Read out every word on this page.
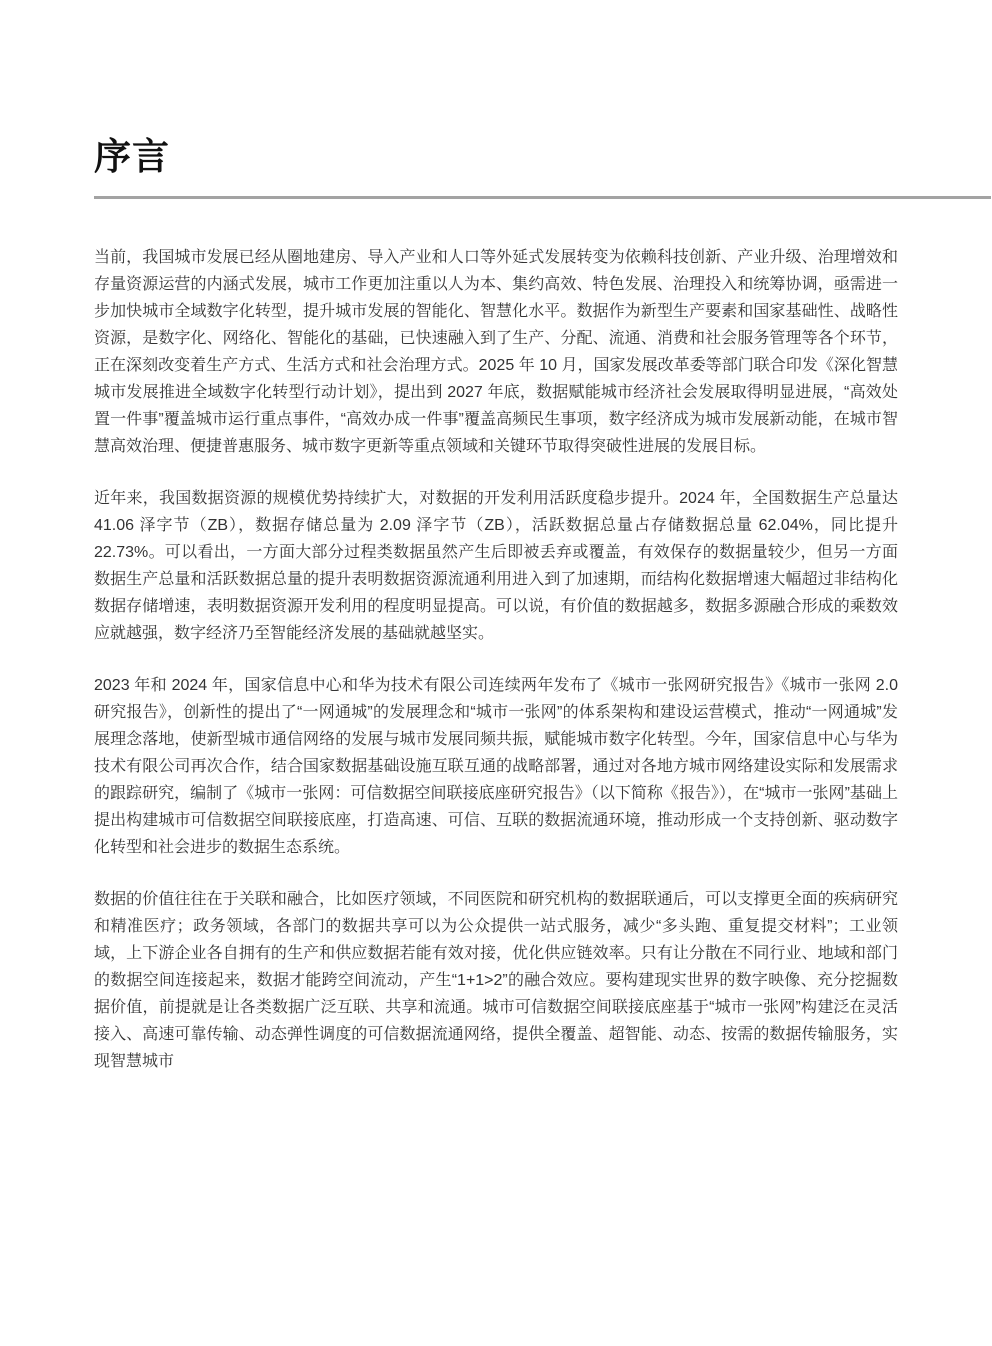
序言

当前，我国城市发展已经从圈地建房、导入产业和人口等外延式发展转变为依赖科技创新、产业升级、治理增效和存量资源运营的内涵式发展，城市工作更加注重以人为本、集约高效、特色发展、治理投入和统筹协调，亟需进一步加快城市全域数字化转型，提升城市发展的智能化、智慧化水平。数据作为新型生产要素和国家基础性、战略性资源，是数字化、网络化、智能化的基础，已快速融入到了生产、分配、流通、消费和社会服务管理等各个环节，正在深刻改变着生产方式、生活方式和社会治理方式。2025 年 10 月，国家发展改革委等部门联合印发《深化智慧城市发展推进全域数字化转型行动计划》，提出到 2027 年底，数据赋能城市经济社会发展取得明显进展，“高效处置一件事”覆盖城市运行重点事件，“高效办成一件事”覆盖高频民生事项，数字经济成为城市发展新动能，在城市智慧高效治理、便捷普惠服务、城市数字更新等重点领域和关键环节取得突破性进展的发展目标。

近年来，我国数据资源的规模优势持续扩大，对数据的开发利用活跃度稳步提升。2024 年，全国数据生产总量达 41.06 泽字节（ZB），数据存储总量为 2.09 泽字节（ZB），活跃数据总量占存储数据总量 62.04%，同比提升 22.73%。可以看出，一方面大部分过程类数据虽然产生后即被丢弃或覆盖，有效保存的数据量较少，但另一方面数据生产总量和活跃数据总量的提升表明数据资源流通利用进入到了加速期，而结构化数据增速大幅超过非结构化数据存储增速，表明数据资源开发利用的程度明显提高。可以说，有价值的数据越多，数据多源融合形成的乘数效应就越强，数字经济乃至智能经济发展的基础就越坚实。

2023 年和 2024 年，国家信息中心和华为技术有限公司连续两年发布了《城市一张网研究报告》《城市一张网 2.0 研究报告》，创新性的提出了“一网通城”的发展理念和“城市一张网”的体系架构和建设运营模式，推动“一网通城”发展理念落地，使新型城市通信网络的发展与城市发展同频共振，赋能城市数字化转型。今年，国家信息中心与华为技术有限公司再次合作，结合国家数据基础设施互联互通的战略部署，通过对各地方城市网络建设实际和发展需求的跟踪研究，编制了《城市一张网：可信数据空间联接底座研究报告》（以下简称《报告》），在“城市一张网”基础上提出构建城市可信数据空间联接底座，打造高速、可信、互联的数据流通环境，推动形成一个支持创新、驱动数字化转型和社会进步的数据生态系统。

数据的价值往往在于关联和融合，比如医疗领域，不同医院和研究机构的数据联通后，可以支撑更全面的疾病研究和精准医疗；政务领域，各部门的数据共享可以为公众提供一站式服务，减少“多头跑、重复提交材料”；工业领域，上下游企业各自拥有的生产和供应数据若能有效对接，优化供应链效率。只有让分散在不同行业、地域和部门的数据空间连接起来，数据才能跨空间流动，产生“1+1>2”的融合效应。要构建现实世界的数字映像、充分挖掘数据价值，前提就是让各类数据广泛互联、共享和流通。城市可信数据空间联接底座基于“城市一张网”构建泛在灵活接入、高速可靠传输、动态弹性调度的可信数据流通网络，提供全覆盖、超智能、动态、按需的数据传输服务，实现智慧城市
